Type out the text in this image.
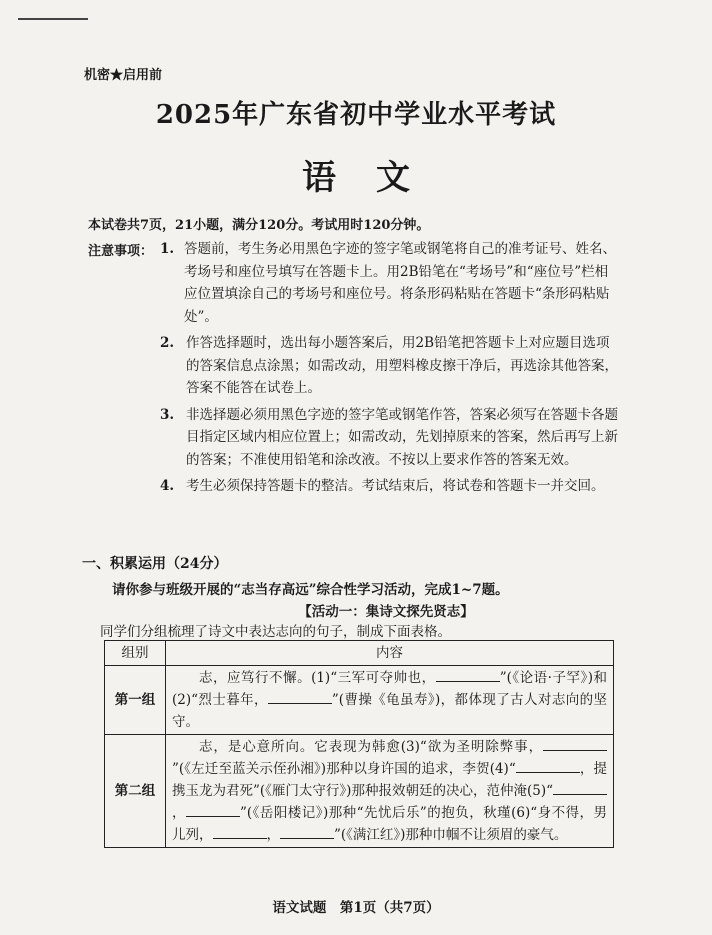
机密★启用前
2025年广东省初中学业水平考试
语文
本试卷共7页，21小题，满分120分。考试用时120分钟。
注意事项： 1. 答题前，考生务必用黑色字迹的签字笔或钢笔将自己的准考证号、姓名、考场号和座位号填写在答题卡上。用2B铅笔在“考场号”和“座位号”栏相应位置填涂自己的考场号和座位号。将条形码粘贴在答题卡“条形码粘贴处”。
2. 作答选择题时，选出每小题答案后，用2B铅笔把答题卡上对应题目选项的答案信息点涂黑；如需改动，用塑料橡皮擦干净后，再选涂其他答案，答案不能答在试卷上。
3. 非选择题必须用黑色字迹的签字笔或钢笔作答，答案必须写在答题卡各题目指定区域内相应位置上；如需改动，先划掉原来的答案，然后再写上新的答案；不准使用铅笔和涂改液。不按以上要求作答的答案无效。
4. 考生必须保持答题卡的整洁。考试结束后，将试卷和答题卡一并交回。
一、积累运用（24分）
请你参与班级开展的“志当存高远”综合性学习活动，完成1~7题。
【活动一：集诗文探先贤志】
同学们分组梳理了诗文中表达志向的句子，制成下面表格。
组别	内容
第一组	志，应笃行不懈。(1)“三军可夺帅也， ”(《论语·子罕》)和(2)“烈士暮年， ”(曹操《龟虽寿》)，都体现了古人对志向的坚守。
第二组	志，是心意所向。它表现为韩愈(3)“欲为圣明除弊事，”(《左迁至蓝关示侄孙湘》)那种以身许国的追求，李贺(4)“ ，提携玉龙为君死”(《雁门太守行》)那种报效朝廷的决心，范仲淹(5)“， ”(《岳阳楼记》)那种“先忧后乐”的抱负，秋瑾(6)“身不得，男儿列， ， ”(《满江红》)那种巾帼不让须眉的豪气。
语文试题　第1页（共7页）
